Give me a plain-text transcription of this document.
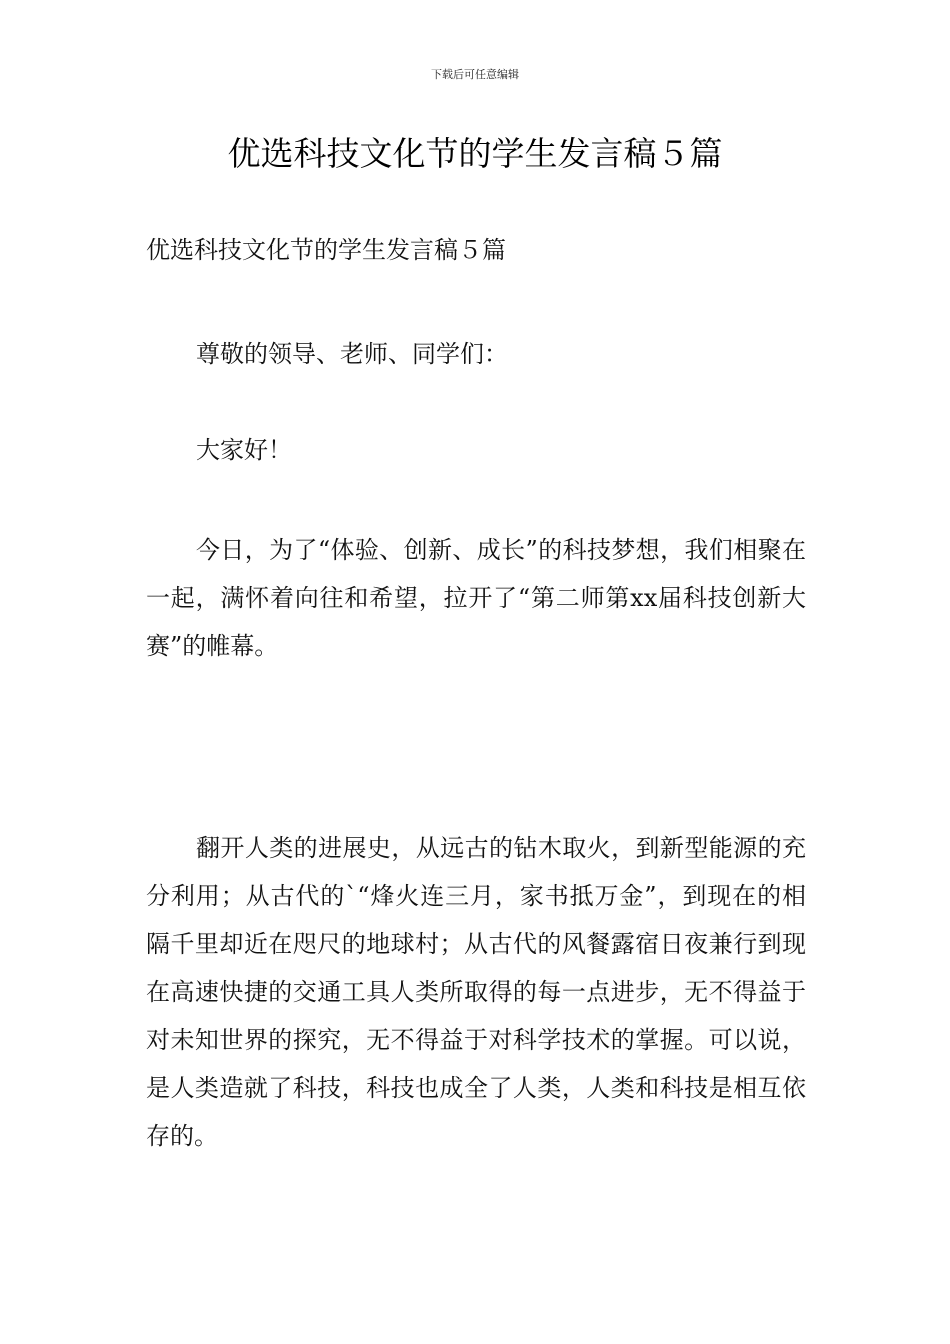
下载后可任意编辑
优选科技文化节的学生发言稿５篇

优选科技文化节的学生发言稿５篇

尊敬的领导、老师、同学们：

大家好！

今日，为了“体验、创新、成长”的科技梦想，我们相聚在一起，满怀着向往和希望，拉开了“第二师第xx届科技创新大赛”的帷幕。

翻开人类的进展史，从远古的钻木取火，到新型能源的充分利用；从古代的`“烽火连三月，家书抵万金”，到现在的相隔千里却近在咫尺的地球村；从古代的风餐露宿日夜兼行到现在高速快捷的交通工具人类所取得的每一点进步，无不得益于对未知世界的探究，无不得益于对科学技术的掌握。可以说，是人类造就了科技，科技也成全了人类，人类和科技是相互依存的。
